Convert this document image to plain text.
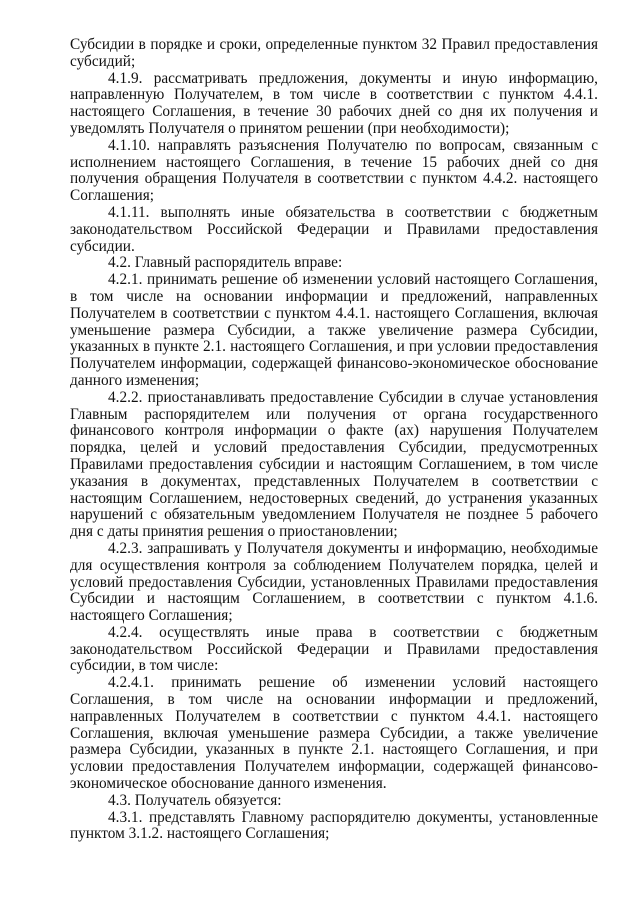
Субсидии в порядке и сроки, определенные пунктом 32 Правил предоставления субсидий;

4.1.9. рассматривать предложения, документы и иную информацию, направленную Получателем, в том числе в соответствии с пунктом 4.4.1. настоящего Соглашения, в течение 30 рабочих дней со дня их получения и уведомлять Получателя о принятом решении (при необходимости);

4.1.10. направлять разъяснения Получателю по вопросам, связанным с исполнением настоящего Соглашения, в течение 15 рабочих дней со дня получения обращения Получателя в соответствии с пунктом 4.4.2. настоящего Соглашения;

4.1.11. выполнять иные обязательства в соответствии с бюджетным законодательством Российской Федерации и Правилами предоставления субсидии.

4.2. Главный распорядитель вправе:

4.2.1. принимать решение об изменении условий настоящего Соглашения, в том числе на основании информации и предложений, направленных Получателем в соответствии с пунктом 4.4.1. настоящего Соглашения, включая уменьшение размера Субсидии, а также увеличение размера Субсидии, указанных в пункте 2.1. настоящего Соглашения, и при условии предоставления Получателем информации, содержащей финансово-экономическое обоснование данного изменения;

4.2.2. приостанавливать предоставление Субсидии в случае установления Главным распорядителем или получения от органа государственного финансового контроля информации о факте (ах) нарушения Получателем порядка, целей и условий предоставления Субсидии, предусмотренных Правилами предоставления субсидии и настоящим Соглашением, в том числе указания в документах, представленных Получателем в соответствии с настоящим Соглашением, недостоверных сведений, до устранения указанных нарушений с обязательным уведомлением Получателя не позднее 5 рабочего дня с даты принятия решения о приостановлении;

4.2.3. запрашивать у Получателя документы и информацию, необходимые для осуществления контроля за соблюдением Получателем порядка, целей и условий предоставления Субсидии, установленных Правилами предоставления Субсидии и настоящим Соглашением, в соответствии с пунктом 4.1.6. настоящего Соглашения;

4.2.4. осуществлять иные права в соответствии с бюджетным законодательством Российской Федерации и Правилами предоставления субсидии, в том числе:

4.2.4.1. принимать решение об изменении условий настоящего Соглашения, в том числе на основании информации и предложений, направленных Получателем в соответствии с пунктом 4.4.1. настоящего Соглашения, включая уменьшение размера Субсидии, а также увеличение размера Субсидии, указанных в пункте 2.1. настоящего Соглашения, и при условии предоставления Получателем информации, содержащей финансово-экономическое обоснование данного изменения.

4.3. Получатель обязуется:

4.3.1. представлять Главному распорядителю документы, установленные пунктом 3.1.2. настоящего Соглашения;
